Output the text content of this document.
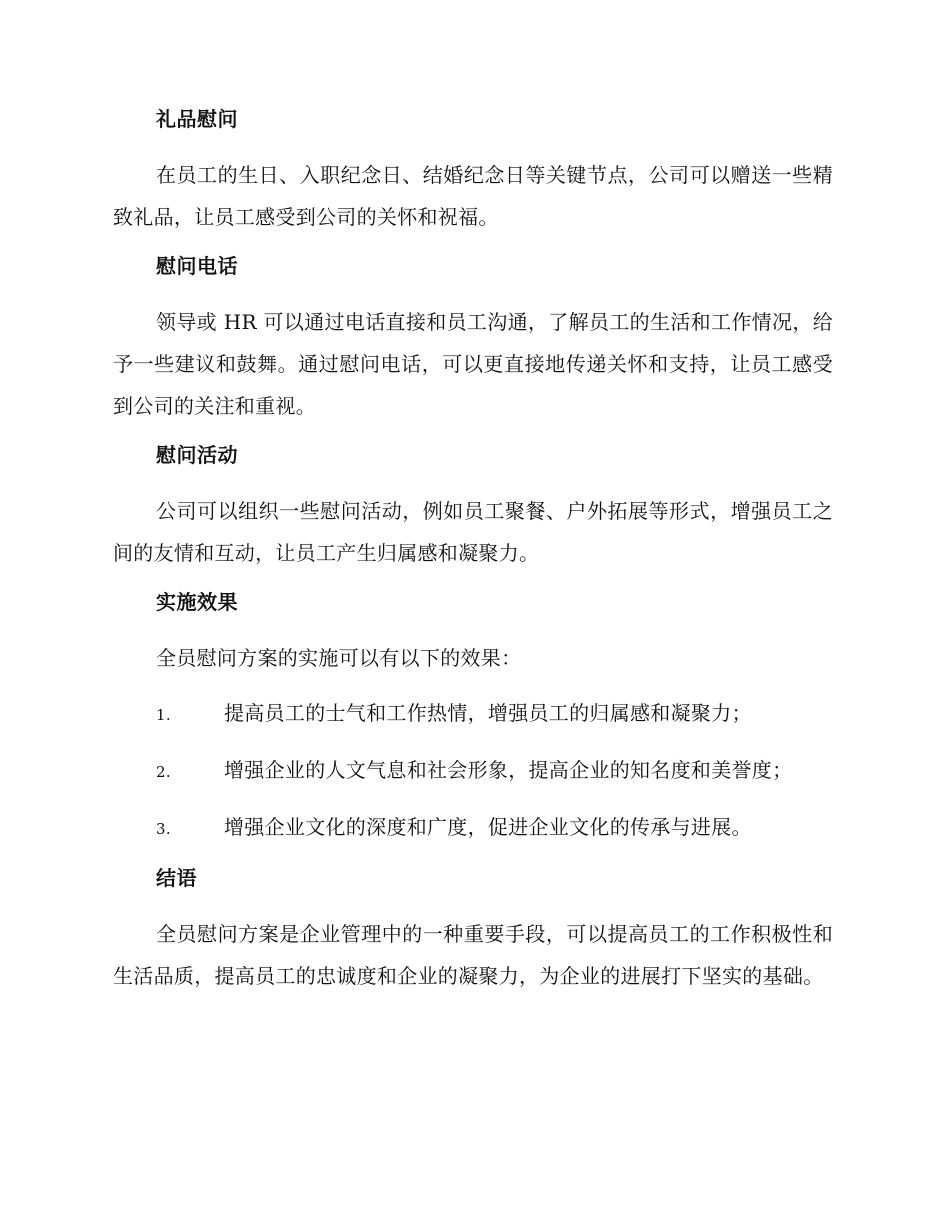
礼品慰问

在员工的生日、入职纪念日、结婚纪念日等关键节点，公司可以赠送一些精致礼品，让员工感受到公司的关怀和祝福。

慰问电话

领导或 HR 可以通过电话直接和员工沟通，了解员工的生活和工作情况，给予一些建议和鼓舞。通过慰问电话，可以更直接地传递关怀和支持，让员工感受到公司的关注和重视。

慰问活动

公司可以组织一些慰问活动，例如员工聚餐、户外拓展等形式，增强员工之间的友情和互动，让员工产生归属感和凝聚力。

实施效果

全员慰问方案的实施可以有以下的效果：

1.	提高员工的士气和工作热情，增强员工的归属感和凝聚力；
2.	增强企业的人文气息和社会形象，提高企业的知名度和美誉度；
3.	增强企业文化的深度和广度，促进企业文化的传承与进展。
结语

全员慰问方案是企业管理中的一种重要手段，可以提高员工的工作积极性和生活品质，提高员工的忠诚度和企业的凝聚力，为企业的进展打下坚实的基础。
